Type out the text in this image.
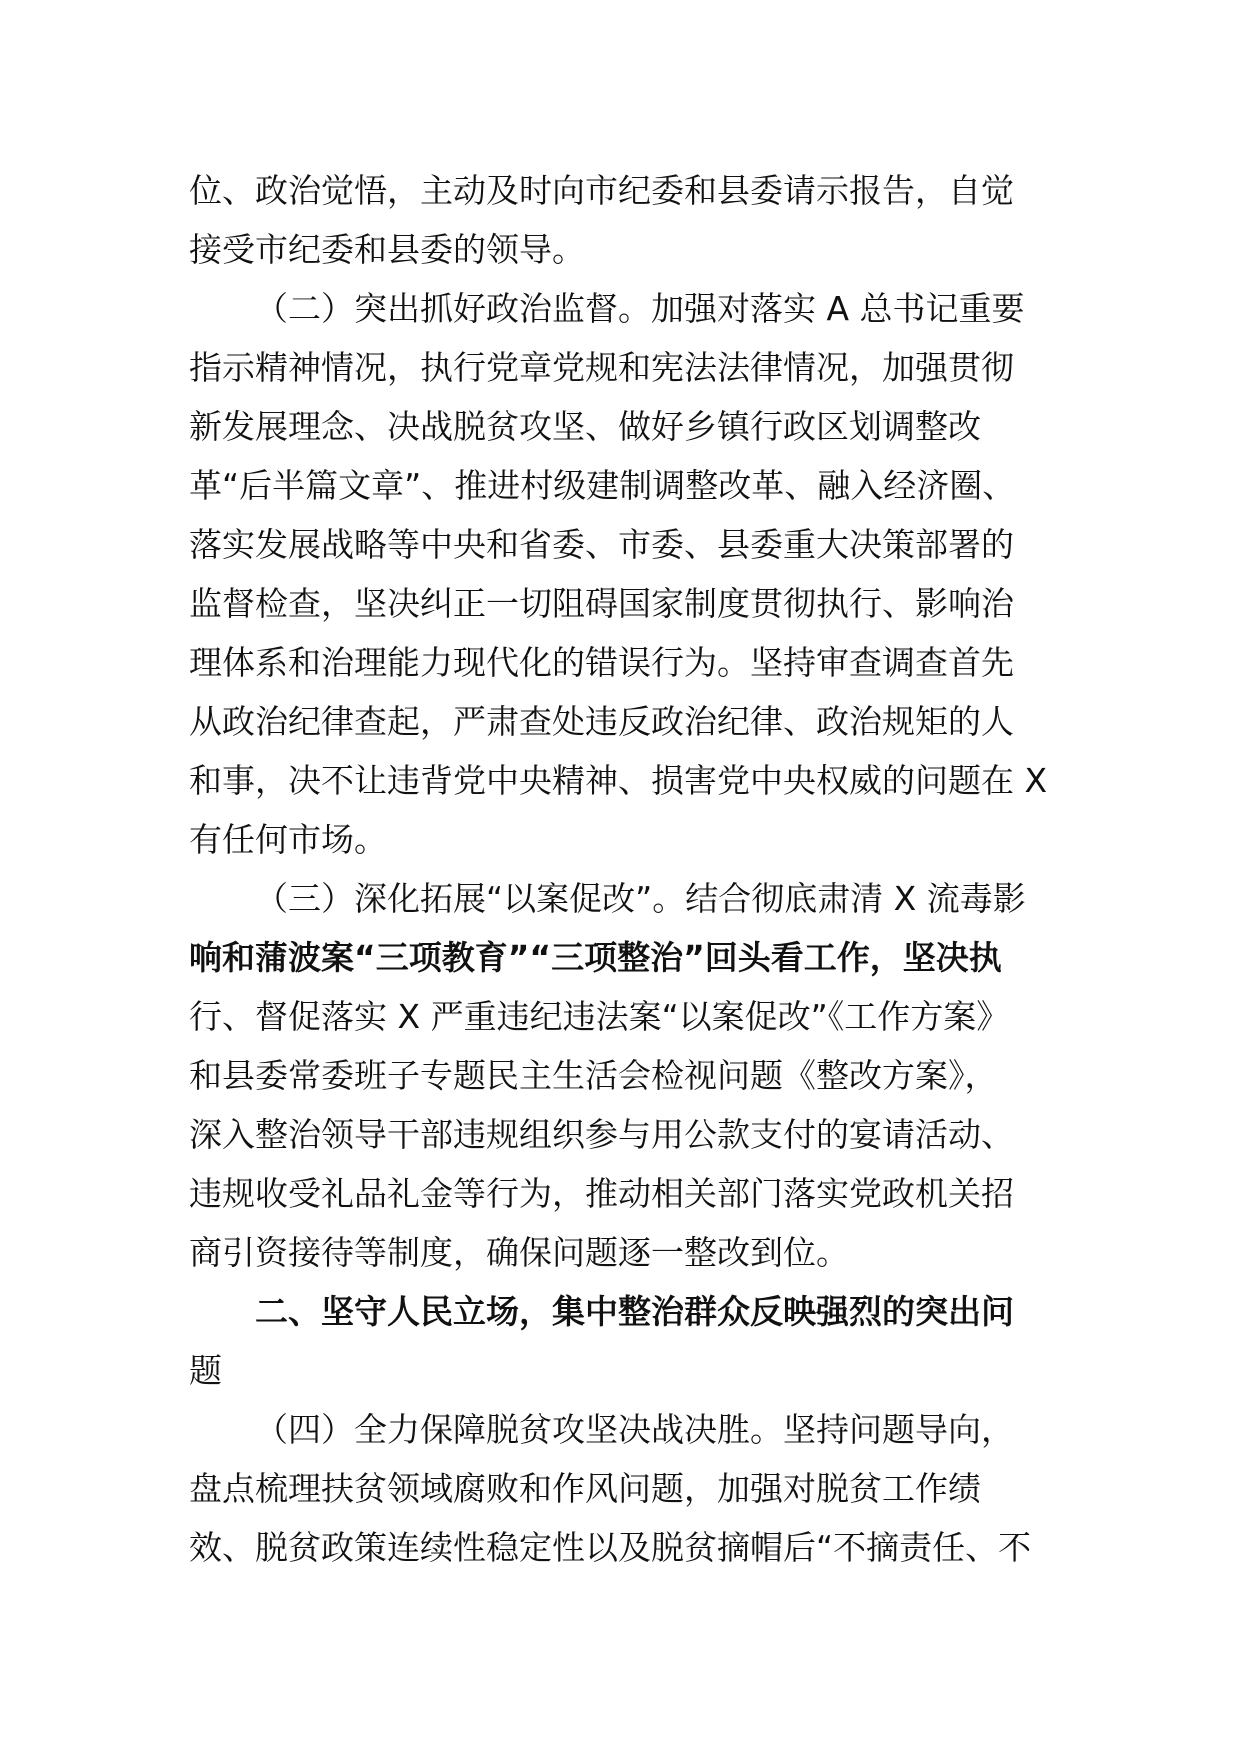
位、政治觉悟，主动及时向市纪委和县委请示报告，自觉
接受市纪委和县委的领导。
（二）突出抓好政治监督。加强对落实 A 总书记重要
指示精神情况，执行党章党规和宪法法律情况，加强贯彻
新发展理念、决战脱贫攻坚、做好乡镇行政区划调整改
革“后半篇文章”、推进村级建制调整改革、融入经济圈、
落实发展战略等中央和省委、市委、县委重大决策部署的
监督检查，坚决纠正一切阻碍国家制度贯彻执行、影响治
理体系和治理能力现代化的错误行为。坚持审查调查首先
从政治纪律查起，严肃查处违反政治纪律、政治规矩的人
和事，决不让违背党中央精神、损害党中央权威的问题在 X
有任何市场。
（三）深化拓展“以案促改”。结合彻底肃清 X 流毒影
响和蒲波案“三项教育”“三项整治”回头看工作，坚决执
行、督促落实 X 严重违纪违法案“以案促改”《工作方案》
和县委常委班子专题民主生活会检视问题《整改方案》，
深入整治领导干部违规组织参与用公款支付的宴请活动、
违规收受礼品礼金等行为，推动相关部门落实党政机关招
商引资接待等制度，确保问题逐一整改到位。
二、坚守人民立场，集中整治群众反映强烈的突出问
题
（四）全力保障脱贫攻坚决战决胜。坚持问题导向，
盘点梳理扶贫领域腐败和作风问题，加强对脱贫工作绩
效、脱贫政策连续性稳定性以及脱贫摘帽后“不摘责任、不
